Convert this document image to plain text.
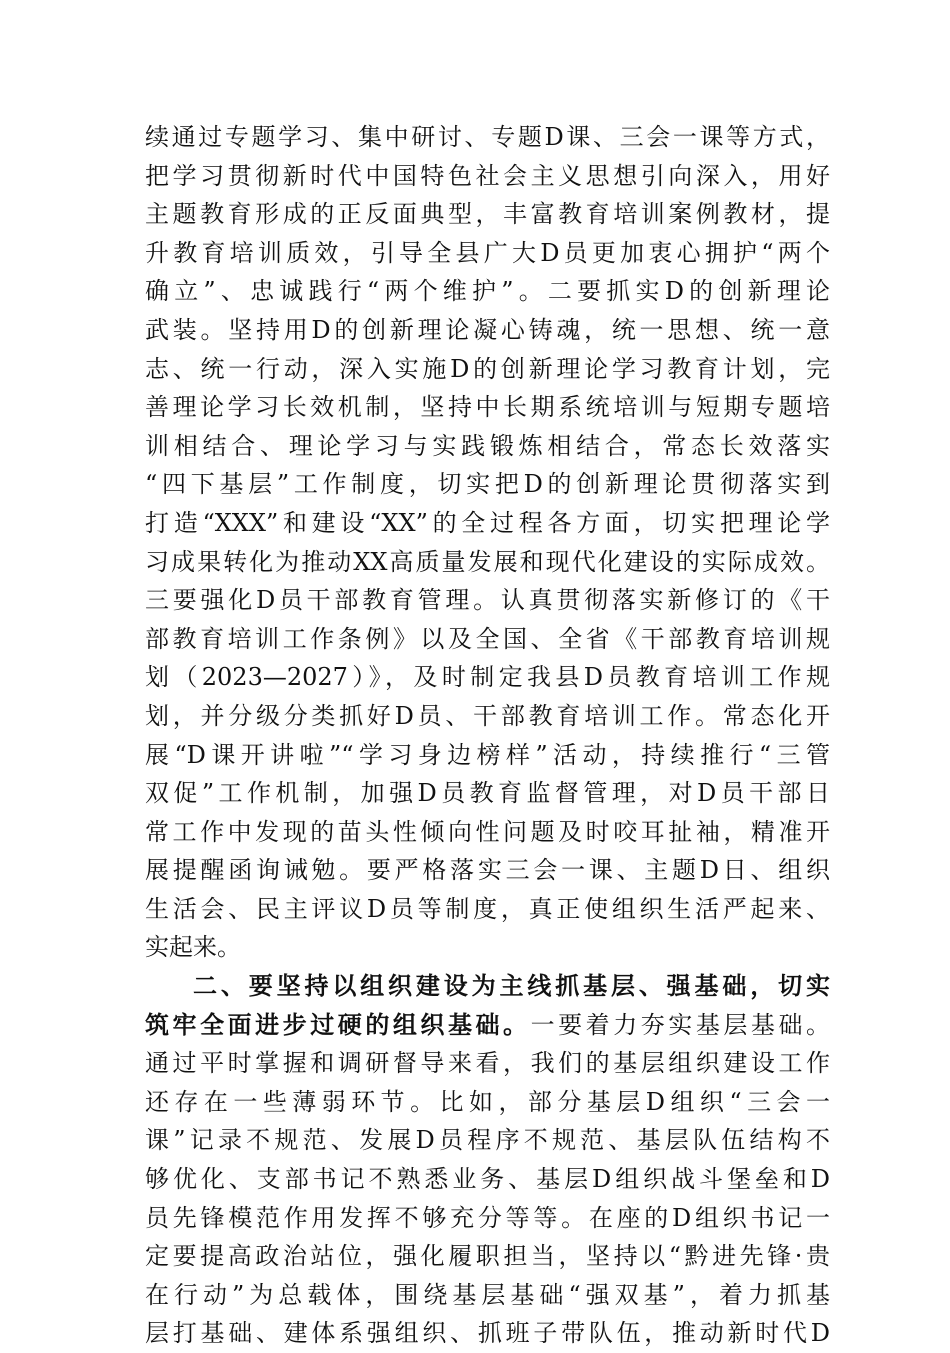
续通过专题学习、集中研讨、专题D课、三会一课等方式，
把学习贯彻新时代中国特色社会主义思想引向深入，用好
主题教育形成的正反面典型，丰富教育培训案例教材，提
升教育培训质效，引导全县广大D员更加衷心拥护“两个
确立”、忠诚践行“两个维护”。二要抓实D的创新理论
武装。坚持用D的创新理论凝心铸魂，统一思想、统一意
志、统一行动，深入实施D的创新理论学习教育计划，完
善理论学习长效机制，坚持中长期系统培训与短期专题培
训相结合、理论学习与实践锻炼相结合，常态长效落实
“四下基层”工作制度，切实把D的创新理论贯彻落实到
打造“XXX”和建设“XX”的全过程各方面，切实把理论学
习成果转化为推动XX高质量发展和现代化建设的实际成效。
三要强化D员干部教育管理。认真贯彻落实新修订的《干
部教育培训工作条例》以及全国、全省《干部教育培训规
划（2023—2027）》，及时制定我县D员教育培训工作规
划，并分级分类抓好D员、干部教育培训工作。常态化开
展“D课开讲啦”“学习身边榜样”活动，持续推行“三管
双促”工作机制，加强D员教育监督管理，对D员干部日
常工作中发现的苗头性倾向性问题及时咬耳扯袖，精准开
展提醒函询诫勉。要严格落实三会一课、主题D日、组织
生活会、民主评议D员等制度，真正使组织生活严起来、
实起来。
二、要坚持以组织建设为主线抓基层、强基础，切实
筑牢全面进步过硬的组织基础。一要着力夯实基层基础。
通过平时掌握和调研督导来看，我们的基层组织建设工作
还存在一些薄弱环节。比如，部分基层D组织“三会一
课”记录不规范、发展D员程序不规范、基层队伍结构不
够优化、支部书记不熟悉业务、基层D组织战斗堡垒和D
员先锋模范作用发挥不够充分等等。在座的D组织书记一
定要提高政治站位，强化履职担当，坚持以“黔进先锋·贵
在行动”为总载体，围绕基层基础“强双基”，着力抓基
层打基础、建体系强组织、抓班子带队伍，推动新时代D
